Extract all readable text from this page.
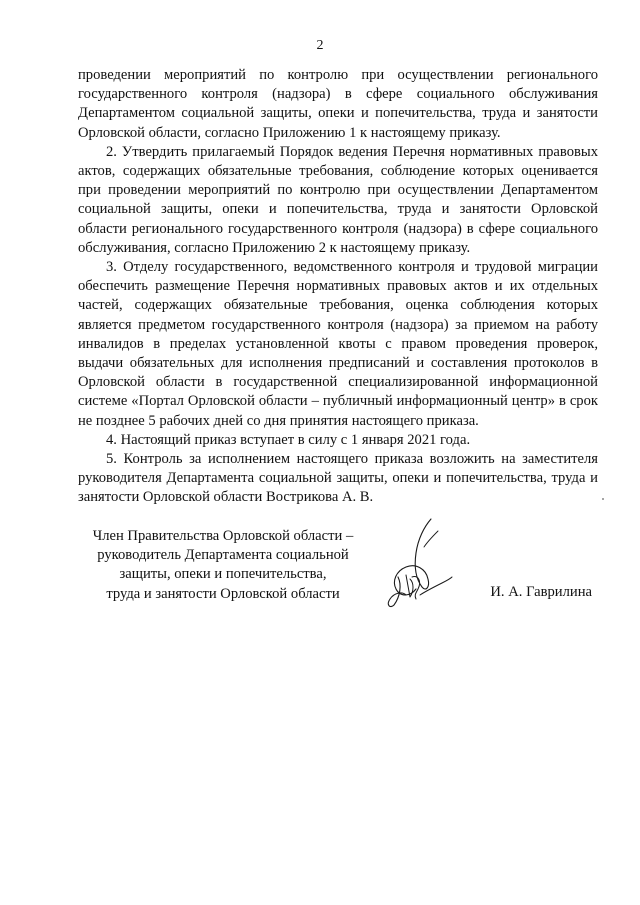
2

проведении мероприятий по контролю при осуществлении регионального государственного контроля (надзора) в сфере социального обслуживания Департаментом социальной защиты, опеки и попечительства, труда и занятости Орловской области, согласно Приложению 1 к настоящему приказу.

2. Утвердить прилагаемый Порядок ведения Перечня нормативных правовых актов, содержащих обязательные требования, соблюдение которых оценивается при проведении мероприятий по контролю при осуществлении Департаментом социальной защиты, опеки и попечительства, труда и занятости Орловской области регионального государственного контроля (надзора) в сфере социального обслуживания, согласно Приложению 2 к настоящему приказу.

3. Отделу государственного, ведомственного контроля и трудовой миграции обеспечить размещение Перечня нормативных правовых актов и их отдельных частей, содержащих обязательные требования, оценка соблюдения которых является предметом государственного контроля (надзора) за приемом на работу инвалидов в пределах установленной квоты с правом проведения проверок, выдачи обязательных для исполнения предписаний и составления протоколов в Орловской области в государственной специализированной информационной системе «Портал Орловской области – публичный информационный центр» в срок не позднее 5 рабочих дней со дня принятия настоящего приказа.

4. Настоящий приказ вступает в силу с 1 января 2021 года.

5. Контроль за исполнением настоящего приказа возложить на заместителя руководителя Департамента социальной защиты, опеки и попечительства, труда и занятости Орловской области Вострикова А. В.

Член Правительства Орловской области –
руководитель Департамента социальной
защиты, опеки и попечительства,
труда и занятости Орловской области	И. А. Гаврилина
